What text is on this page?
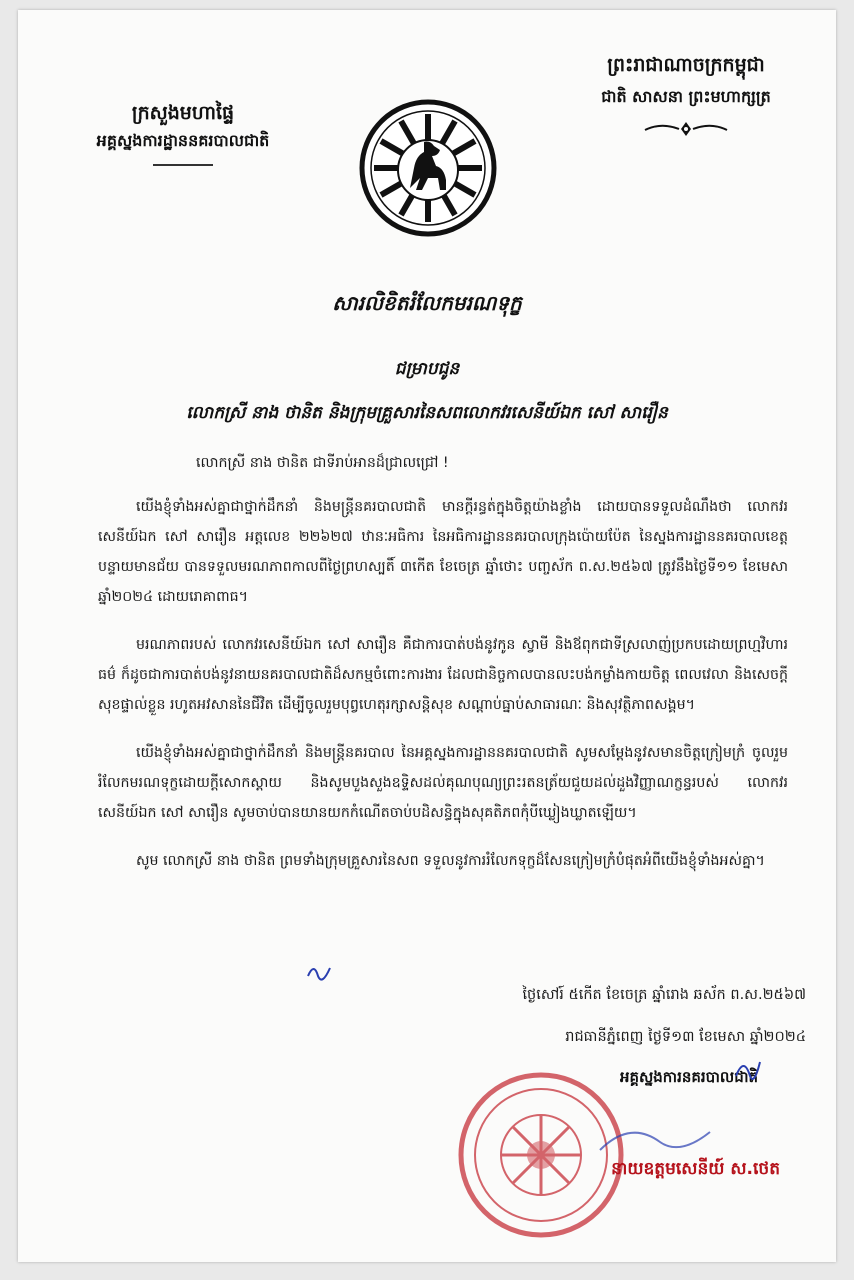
ក្រសួងមហាផ្ទៃ
អគ្គស្នងការដ្ឋាននគរបាលជាតិ
ព្រះរាជាណាចក្រកម្ពុជា
ជាតិ សាសនា ព្រះមហាក្សត្រ
សារលិខិតរំលែកមរណទុក្ខ
ជម្រាបជូន
លោកស្រី នាង ថានិត និងក្រុមគ្រួសារនៃសពលោកវរសេនីយ៍ឯក សៅ សារឿន

លោកស្រី នាង ថានិត ជាទីរាប់អានដ៏ជ្រាលជ្រៅ !

យើងខ្ញុំទាំងអស់គ្នាជាថ្នាក់ដឹកនាំ និងមន្ត្រីនគរបាលជាតិ មានក្តីរន្ធត់ក្នុងចិត្តយ៉ាងខ្លាំង ដោយបានទទួលដំណឹងថា លោកវរសេនីយ៍ឯក សៅ សារឿន អត្តលេខ ២២៦២៧ ឋានៈអធិការ នៃអធិការដ្ឋាននគរបាលក្រុងប៉ោយប៉ែត នៃស្នងការដ្ឋាននគរបាលខេត្តបន្ទាយមានជ័យ បានទទួលមរណភាពកាលពីថ្ងៃព្រហស្បតិ៍ ៣កើត ខែចេត្រ ឆ្នាំថោះ បញ្ចស័ក ព.ស.២៥៦៧ ត្រូវនឹងថ្ងៃទី១១ ខែមេសា ឆ្នាំ២០២៤ ដោយរោគាពាធ។

មរណភាពរបស់ លោកវរសេនីយ៍ឯក សៅ សារឿន គឺជាការបាត់បង់នូវកូន ស្វាមី និងឪពុកជាទីស្រលាញ់ប្រកបដោយព្រហ្មវិហារធម៌ ក៏ដូចជាការបាត់បង់នូវនាយនគរបាលជាតិដ៏សកម្មចំពោះការងារ ដែលជានិច្ចកាលបានលះបង់កម្លាំងកាយចិត្ត ពេលវេលា និងសេចក្តីសុខផ្ទាល់ខ្លួន រហូតអវសាននៃជីវិត ដើម្បីចូលរួមបុព្វហេតុរក្សាសន្តិសុខ សណ្តាប់ធ្នាប់សាធារណៈ និងសុវត្ថិភាពសង្គម។

យើងខ្ញុំទាំងអស់គ្នាជាថ្នាក់ដឹកនាំ និងមន្ត្រីនគរបាល នៃអគ្គស្នងការដ្ឋាននគរបាលជាតិ សូមសម្តែងនូវសមានចិត្តក្រៀមក្រំ ចូលរួមរំលែកមរណទុក្ខដោយក្តីសោកស្តាយ និងសូមបួងសួងឧទ្ទិសដល់គុណបុណ្យព្រះរតនត្រ័យជួយដល់ដួងវិញ្ញាណក្ខន្ធរបស់ លោកវរសេនីយ៍ឯក សៅ សារឿន សូមចាប់បានយានយកកំណើតចាប់បដិសន្ធិក្នុងសុគតិភពកុំបីឃ្លៀងឃ្លាតឡើយ។

សូម លោកស្រី នាង ថានិត ព្រមទាំងក្រុមគ្រួសារនៃសព ទទួលនូវការរំលែកទុក្ខដ៏សែនក្រៀមក្រំបំផុតអំពីយើងខ្ញុំទាំងអស់គ្នា។

ថ្ងៃសៅរ៍ ៥កើត ខែចេត្រ ឆ្នាំរោង ឆស័ក ព.ស.២៥៦៧
រាជធានីភ្នំពេញ ថ្ងៃទី១៣ ខែមេសា ឆ្នាំ២០២៤
អគ្គស្នងការនគរបាលជាតិ
នាយឧត្តមសេនីយ៍ ស.ថេត
